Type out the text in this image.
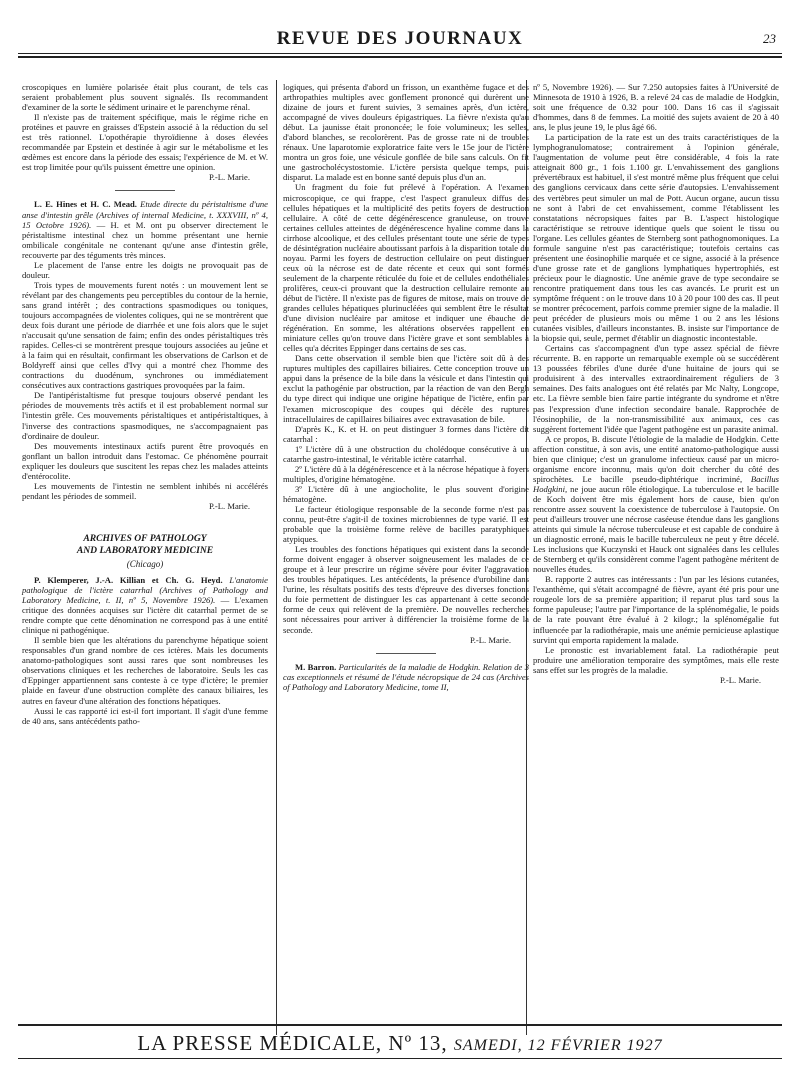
REVUE DES JOURNAUX	23

croscopiques en lumière polarisée était plus courant, de tels cas seraient probablement plus souvent signalés. Ils recommandent d'examiner de la sorte le sédiment urinaire et le parenchyme rénal.

Il n'existe pas de traitement spécifique, mais le régime riche en protéines et pauvre en graisses d'Epstein associé à la réduction du sel est très rationnel. L'opothérapie thyroïdienne à doses élevées recommandée par Epstein et destinée à agir sur le métabolisme et les œdèmes est encore dans la période des essais; l'expérience de M. et W. est trop limitée pour qu'ils puissent émettre une opinion.

P.-L. Marie.

L. E. Hines et H. C. Mead. Etude directe du péristaltisme d'une anse d'intestin grêle (Archives of internal Medicine, t. XXXVIII, nº 4, 15 Octobre 1926). — H. et M. ont pu observer directement le péristaltisme intestinal chez un homme présentant une hernie ombilicale congénitale ne contenant qu'une anse d'intestin grêle, recouverte par des téguments très minces.

Le placement de l'anse entre les doigts ne provoquait pas de douleur.

Trois types de mouvements furent notés : un mouvement lent se révélant par des changements peu perceptibles du contour de la hernie, sans grand intérêt ; des contractions spasmodiques ou toniques, toujours accompagnées de violentes coliques, qui ne se montrèrent que deux fois durant une période de diarrhée et une fois alors que le sujet n'accusait qu'une sensation de faim; enfin des ondes péristaltiques très rapides. Celles-ci se montrèrent presque toujours associées au jeûne et à la faim qui en résultait, confirmant les observations de Carlson et de Boldyreff ainsi que celles d'Ivy qui a montré chez l'homme des contractions du duodénum, synchrones ou immédiatement consécutives aux contractions gastriques provoquées par la faim.

De l'antipéristaltisme fut presque toujours observé pendant les périodes de mouvements très actifs et il est probablement normal sur l'intestin grêle. Ces mouvements péristaltiques et antipéristaltiques, à l'inverse des contractions spasmodiques, ne s'accompagnaient pas d'ordinaire de douleur.

Des mouvements intestinaux actifs purent être provoqués en gonflant un ballon introduit dans l'estomac. Ce phénomène pourrait expliquer les douleurs que suscitent les repas chez les malades atteints d'entérocolite.

Les mouvements de l'intestin ne semblent inhibés ni accélérés pendant les périodes de sommeil.

P.-L. Marie.

ARCHIVES OF PATHOLOGY
AND LABORATORY MEDICINE

(Chicago)

P. Klemperer, J.-A. Killian et Ch. G. Heyd. L'anatomie pathologique de l'ictère catarrhal (Archives of Pathology and Laboratory Medicine, t. II, nº 5, Novembre 1926). — L'examen critique des données acquises sur l'ictère dit catarrhal permet de se rendre compte que cette dénomination ne correspond pas à une entité clinique ni pathogénique.

Il semble bien que les altérations du parenchyme hépatique soient responsables d'un grand nombre de ces ictères. Mais les documents anatomo-pathologiques sont aussi rares que sont nombreuses les observations cliniques et les recherches de laboratoire. Seuls les cas d'Eppinger appartiennent sans conteste à ce type d'ictère; le premier plaide en faveur d'une obstruction complète des canaux biliaires, les autres en faveur d'une altération des fonctions hépatiques.

Aussi le cas rapporté ici est-il fort important. Il s'agit d'une femme de 40 ans, sans antécédents patho-

logiques, qui présenta d'abord un frisson, un exanthème fugace et des arthropathies multiples avec gonflement prononcé qui durèrent une dizaine de jours et furent suivies, 3 semaines après, d'un ictère, accompagné de vives douleurs épigastriques. La fièvre n'exista qu'au début. La jaunisse était prononcée; le foie volumineux; les selles, d'abord blanches, se recolorèrent. Pas de grosse rate ni de troubles rénaux. Une laparotomie exploratrice faite vers le 15e jour de l'ictère montra un gros foie, une vésicule gonflée de bile sans calculs. On fit une gastrocholécystostomie. L'ictère persista quelque temps, puis disparut. La malade est en bonne santé depuis plus d'un an.

Un fragment du foie fut prélevé à l'opération. A l'examen microscopique, ce qui frappe, c'est l'aspect granuleux diffus des cellules hépatiques et la multiplicité des petits foyers de destruction cellulaire. A côté de cette dégénérescence granuleuse, on trouve certaines cellules atteintes de dégénérescence hyaline comme dans la cirrhose alcoolique, et des cellules présentant toute une série de types de désintégration nucléaire aboutissant parfois à la disparition totale du noyau. Parmi les foyers de destruction cellulaire on peut distinguer ceux où la nécrose est de date récente et ceux qui sont formés seulement de la charpente réticulée du foie et de cellules endothéliales prolifères, ceux-ci prouvant que la destruction cellulaire remonte au début de l'ictère. Il n'existe pas de figures de mitose, mais on trouve de grandes cellules hépatiques plurinucléées qui semblent être le résultat d'une division nucléaire par amitose et indiquer une ébauche de régénération. En somme, les altérations observées rappellent en miniature celles qu'on trouve dans l'ictère grave et sont semblables à celles qu'a décrites Eppinger dans certains de ses cas.

Dans cette observation il semble bien que l'ictère soit dû à des ruptures multiples des capillaires biliaires. Cette conception trouve un appui dans la présence de la bile dans la vésicule et dans l'intestin qui exclut la pathogénie par obstruction, par la réaction de van den Bergh du type direct qui indique une origine hépatique de l'ictère, enfin par l'examen microscopique des coupes qui décèle des ruptures intracellulaires de capillaires biliaires avec extravasation de bile.

D'après K., K. et H. on peut distinguer 3 formes dans l'ictère dit catarrhal :

1º L'ictère dû à une obstruction du cholédoque consécutive à un catarrhe gastro-intestinal, le véritable ictère catarrhal.

2º L'ictère dû à la dégénérescence et à la nécrose hépatique à foyers multiples, d'origine hématogène.

3º L'ictère dû à une angiocholite, le plus souvent d'origine hématogène.

Le facteur étiologique responsable de la seconde forme n'est pas connu, peut-être s'agit-il de toxines microbiennes de type varié. Il est probable que la troisième forme relève de bacilles paratyphiques atypiques.

Les troubles des fonctions hépatiques qui existent dans la seconde forme doivent engager à observer soigneusement les malades de ce groupe et à leur prescrire un régime sévère pour éviter l'aggravation des troubles hépatiques. Les antécédents, la présence d'urobiline dans l'urine, les résultats positifs des tests d'épreuve des diverses fonctions du foie permettent de distinguer les cas appartenant à cette seconde forme de ceux qui relèvent de la première. De nouvelles recherches sont nécessaires pour arriver à différencier la troisième forme de la seconde.

P.-L. Marie.

M. Barron. Particularités de la maladie de Hodgkin. Relation de 3 cas exceptionnels et résumé de l'étude nécropsique de 24 cas (Archives of Pathology and Laboratory Medicine, tome II,

nº 5, Novembre 1926). — Sur 7.250 autopsies faites à l'Université de Minnesota de 1910 à 1926, B. a relevé 24 cas de maladie de Hodgkin, soit une fréquence de 0.32 pour 100. Dans 16 cas il s'agissait d'hommes, dans 8 de femmes. La moitié des sujets avaient de 20 à 40 ans, le plus jeune 19, le plus âgé 66.

La participation de la rate est un des traits caractéristiques de la lymphogranulomatose; contrairement à l'opinion générale, l'augmentation de volume peut être considérable, 4 fois la rate atteignait 800 gr., 1 fois 1.100 gr. L'envahissement des ganglions prévertébraux est habituel, il s'est montré même plus fréquent que celui des ganglions cervicaux dans cette série d'autopsies. L'envahissement des vertèbres peut simuler un mal de Pott. Aucun organe, aucun tissu ne sont à l'abri de cet envahissement, comme l'établissent les constatations nécropsiques faites par B. L'aspect histologique caractéristique se retrouve identique quels que soient le tissu ou l'organe. Les cellules géantes de Sternberg sont pathognomoniques. La formule sanguine n'est pas caractéristique; toutefois certains cas présentent une éosinophilie marquée et ce signe, associé à la présence d'une grosse rate et de ganglions lymphatiques hypertrophiés, est précieux pour le diagnostic. Une anémie grave de type secondaire se rencontre pratiquement dans tous les cas avancés. Le prurit est un symptôme fréquent : on le trouve dans 10 à 20 pour 100 des cas. Il peut se montrer précocement, parfois comme premier signe de la maladie. Il peut précéder de plusieurs mois ou même 1 ou 2 ans les lésions cutanées visibles, d'ailleurs inconstantes. B. insiste sur l'importance de la biopsie qui, seule, permet d'établir un diagnostic incontestable.

Certains cas s'accompagnent d'un type assez spécial de fièvre récurrente. B. en rapporte un remarquable exemple où se succédèrent 13 poussées fébriles d'une durée d'une huitaine de jours qui se produisirent à des intervalles extraordinairement réguliers de 3 semaines. Des faits analogues ont été relatés par Mc Nalty, Longcope, etc. La fièvre semble bien faire partie intégrante du syndrome et n'être pas l'expression d'une infection secondaire banale. Rapprochée de l'éosinophilie, de la non-transmissibilité aux animaux, ces cas suggèrent fortement l'idée que l'agent pathogène est un parasite animal.

A ce propos, B. discute l'étiologie de la maladie de Hodgkin. Cette affection constitue, à son avis, une entité anatomo-pathologique aussi bien que clinique; c'est un granulome infectieux causé par un micro-organisme encore inconnu, mais qu'on doit chercher du côté des spirochètes. Le bacille pseudo-diphtérique incriminé, Bacillus Hodgkini, ne joue aucun rôle étiologique. La tuberculose et le bacille de Koch doivent être mis également hors de cause, bien qu'on rencontre assez souvent la coexistence de tuberculose à l'autopsie. On peut d'ailleurs trouver une nécrose caséeuse étendue dans les ganglions atteints qui simule la nécrose tuberculeuse et est capable de conduire à un diagnostic erroné, mais le bacille tuberculeux ne peut y être décelé. Les inclusions que Kuczynski et Hauck ont signalées dans les cellules de Sternberg et qu'ils considèrent comme l'agent pathogène méritent de nouvelles études.

B. rapporte 2 autres cas intéressants : l'un par les lésions cutanées, l'exanthème, qui s'était accompagné de fièvre, ayant été pris pour une rougeole lors de sa première apparition; il reparut plus tard sous la forme papuleuse; l'autre par l'importance de la splénomégalie, le poids de la rate pouvant être évalué à 2 kilogr.; la splénomégalie fut influencée par la radiothérapie, mais une anémie pernicieuse aplastique survint qui emporta rapidement la malade.

Le pronostic est invariablement fatal. La radiothérapie peut produire une amélioration temporaire des symptômes, mais elle reste sans effet sur les progrès de la maladie.

P.-L. Marie.

LA PRESSE MÉDICALE, Nº 13, SAMEDI, 12 FÉVRIER 1927
